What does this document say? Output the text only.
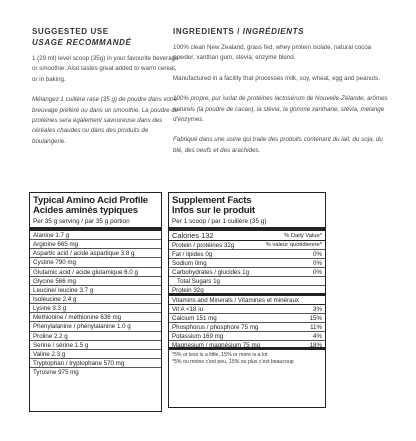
SUGGESTED USE
USAGE RECOMMANDÉ

1 (29 ml) level scoop (35g) in your favourite beverage or smoothie. Also tastes great added to warm cereal, or in baking.

Mélangez 1 cuillère rase (35 g) de poudre dans votre breuvage préféré ou dans un smoothie. La poudre de protéines sera également savoureuse dans des céréales chaudes ou dans des produits de boulangerie.

INGREDIENTS / INGRÉDIENTS

100% clean New Zealand, grass fed, whey protein isolate, natural cocoa powder, xanthan gum, stevia, enzyme blend.

Manufactured in a facility that processes milk, soy, wheat, egg and peanuts.

100% propre, pur isolat de protéines lactosérum de Nouvelle-Zélande, arômes naturels (la poudre de cacao), la stévia, la gomme xanthane, stévia, mélange d'enzymes.

Fabriqué dans une usine qui traite des produits contenant du lait, du soja, du blé, des oeufs et des arachides.

Typical Amino Acid Profile
Acides aminés typiques
Per 35 g serving / par 35 g portion
Alanine 1.7 g
Arginine 665 mg
Aspartic acid / acide aspartique 3.8 g
Cystine 790 mg
Glutamic acid / acide glutamique 6.0 g
Glycine 566 mg
Leucine/ leucine 3.7 g
Isoleucine 2.4 g
Lysine 3.3 g
Methionine / méthionine 636 mg
Phenylalanine / phénylalanine 1.0 g
Proline 2.2 g
Serine / sérine 1.5 g
Valine 2.3 g
Tryptophan / tryptophane 570 mg
Tyrosine 975 mg
Supplement Facts
Infos sur le produit
Per 1 scoop / par 1 cuillère (35 g)
Calories 132	% Daily Value*
Protein / protéines 32g	% valeur quotidienne*
Fat / lipides 0g	0%
Sodium 0mg	0%
Carbohydrates / glucides 1g	0%
Total Sugars 1g
Protein 32g
Vitamins and Minerals / Vitamines et minéraux
Vit A <18 iu	3%
Calcium 151 mg	15%
Phosphorus / phosphore 75 mg	11%
Potassium 169 mg	4%
Magnesium / magnésium 75 mg	18%
*5% or less is a little, 15% or more is a lot
*5% ou moins c'est peu, 15% ou plus c'est beaucoup
